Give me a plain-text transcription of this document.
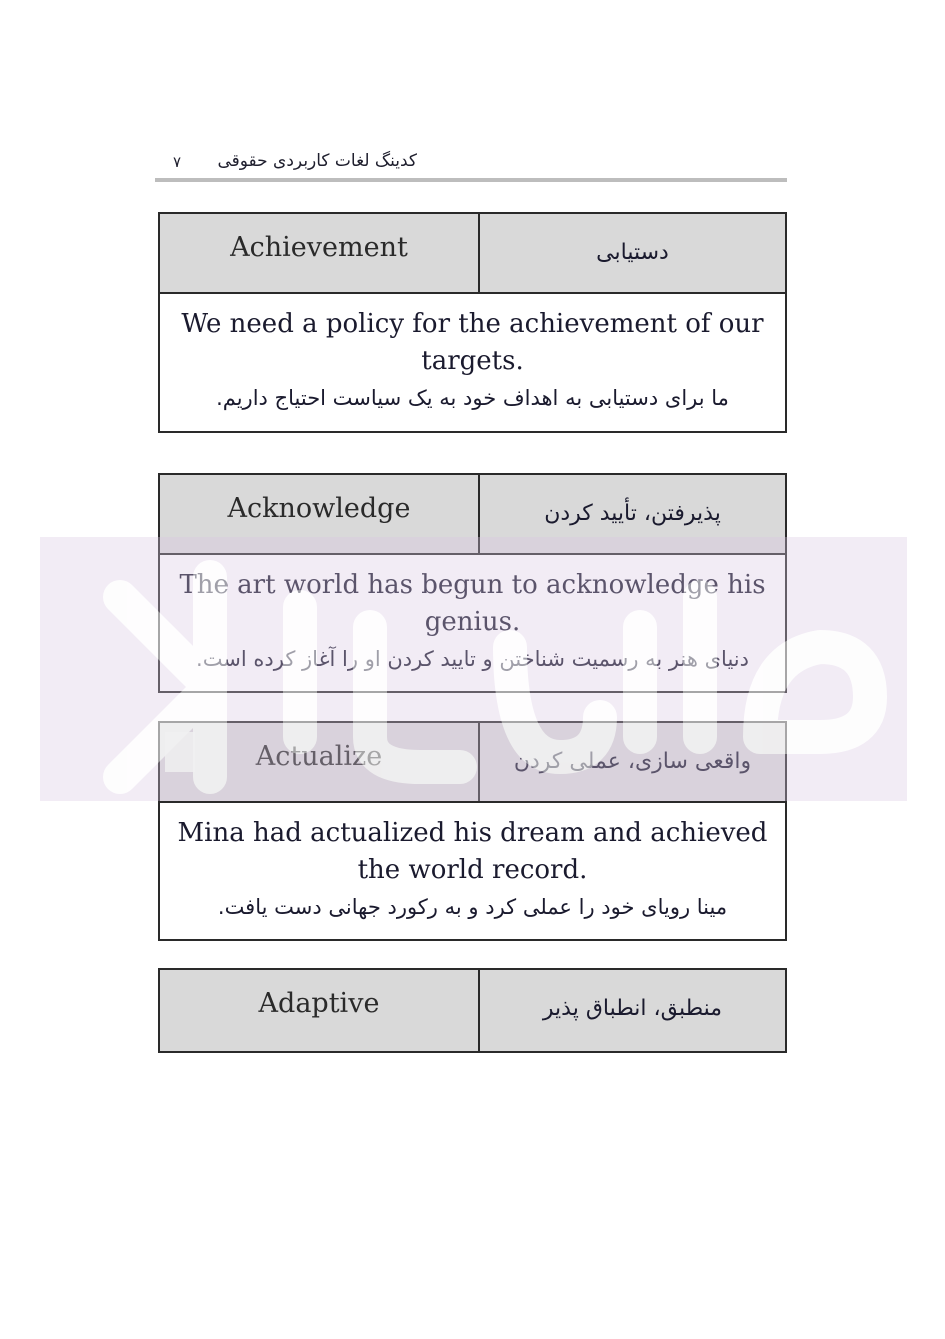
کدینگ لغات کاربردی حقوقی
۷
Achievement	دستیابی
We need a policy for the achievement of our targets.
ما برای دستیابی به اهداف خود به یک سیاست احتیاج داریم.
Acknowledge	پذیرفتن، تأیید کردن
The art world has begun to acknowledge his genius.
دنیای هنر به رسمیت شناختن و تایید کردن او را آغاز کرده است.
Actualize	واقعی سازی، عملی کردن
Mina had actualized his dream and achieved the world record.
مینا رویای خود را عملی کرد و به رکورد جهانی دست یافت.
Adaptive	منطبق، انطباق پذیر
